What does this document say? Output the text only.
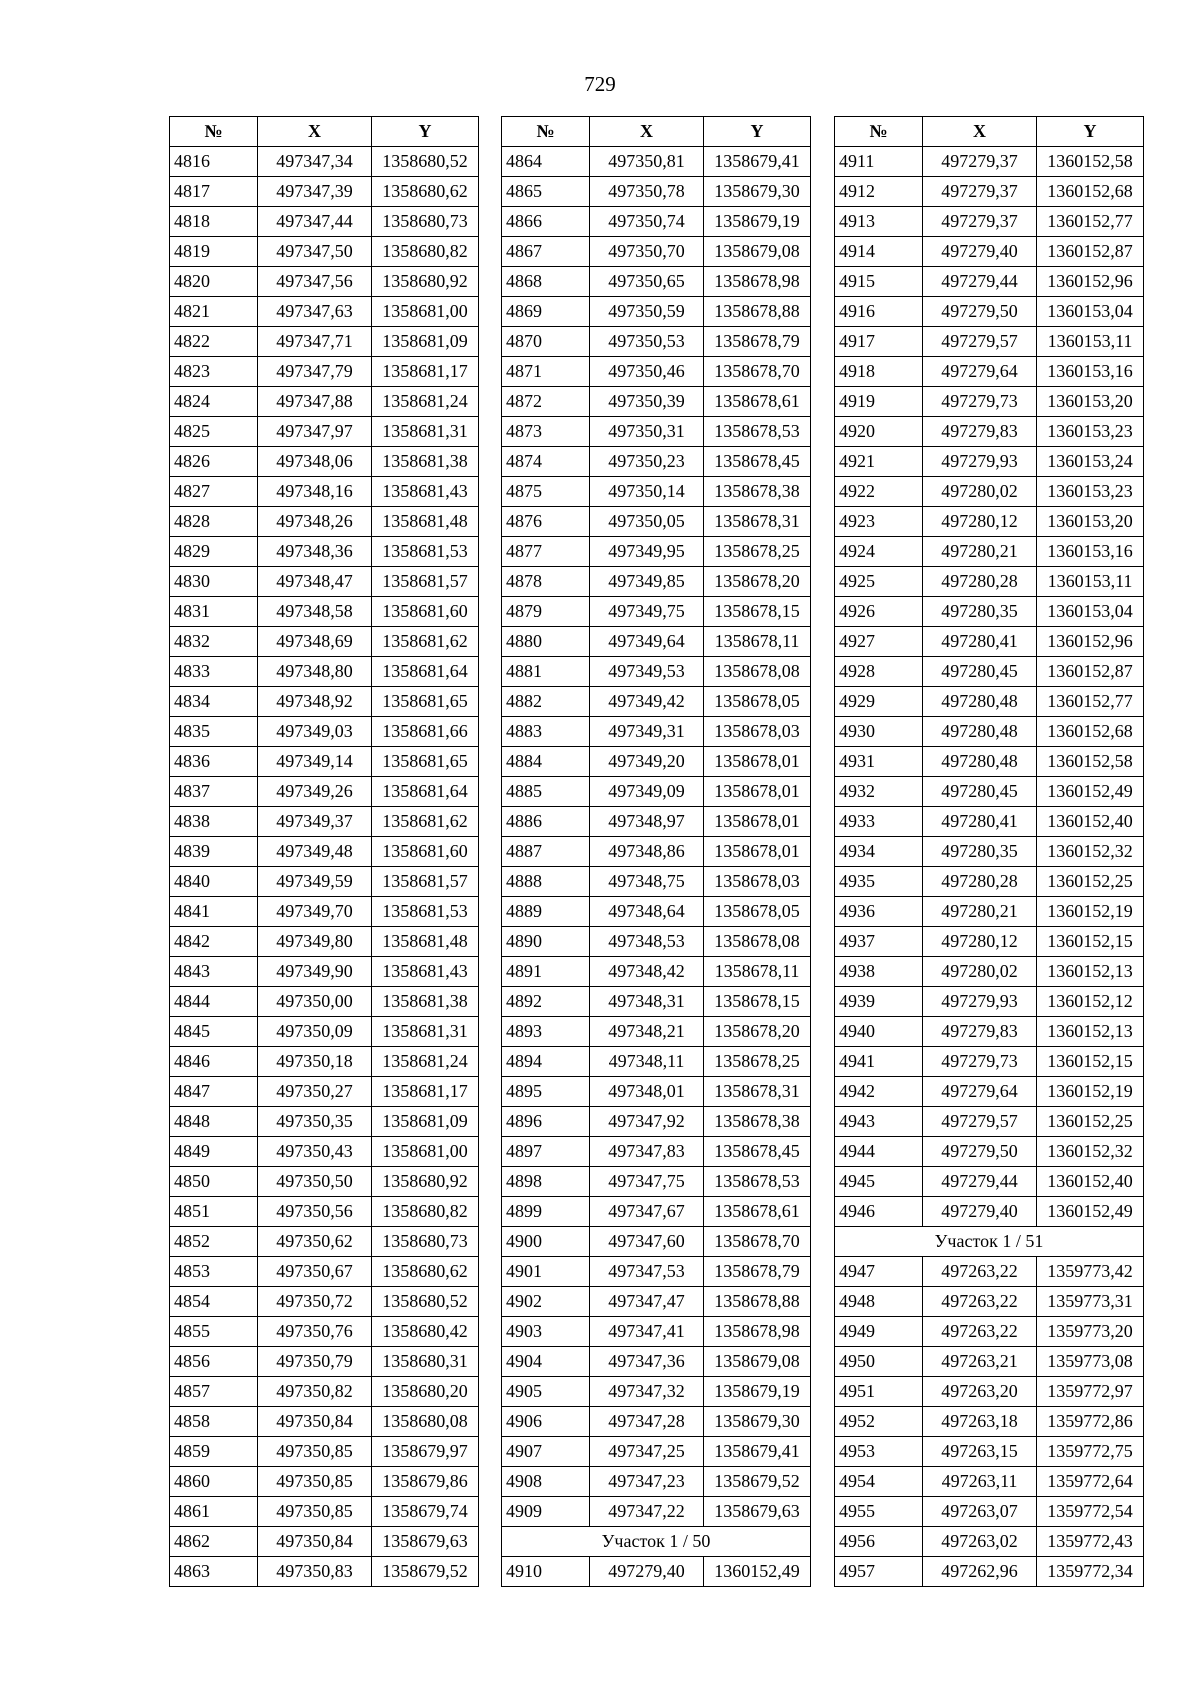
729
№	X	Y
4816	497347,34	1358680,52
4817	497347,39	1358680,62
4818	497347,44	1358680,73
4819	497347,50	1358680,82
4820	497347,56	1358680,92
4821	497347,63	1358681,00
4822	497347,71	1358681,09
4823	497347,79	1358681,17
4824	497347,88	1358681,24
4825	497347,97	1358681,31
4826	497348,06	1358681,38
4827	497348,16	1358681,43
4828	497348,26	1358681,48
4829	497348,36	1358681,53
4830	497348,47	1358681,57
4831	497348,58	1358681,60
4832	497348,69	1358681,62
4833	497348,80	1358681,64
4834	497348,92	1358681,65
4835	497349,03	1358681,66
4836	497349,14	1358681,65
4837	497349,26	1358681,64
4838	497349,37	1358681,62
4839	497349,48	1358681,60
4840	497349,59	1358681,57
4841	497349,70	1358681,53
4842	497349,80	1358681,48
4843	497349,90	1358681,43
4844	497350,00	1358681,38
4845	497350,09	1358681,31
4846	497350,18	1358681,24
4847	497350,27	1358681,17
4848	497350,35	1358681,09
4849	497350,43	1358681,00
4850	497350,50	1358680,92
4851	497350,56	1358680,82
4852	497350,62	1358680,73
4853	497350,67	1358680,62
4854	497350,72	1358680,52
4855	497350,76	1358680,42
4856	497350,79	1358680,31
4857	497350,82	1358680,20
4858	497350,84	1358680,08
4859	497350,85	1358679,97
4860	497350,85	1358679,86
4861	497350,85	1358679,74
4862	497350,84	1358679,63
4863	497350,83	1358679,52
№	X	Y
4864	497350,81	1358679,41
4865	497350,78	1358679,30
4866	497350,74	1358679,19
4867	497350,70	1358679,08
4868	497350,65	1358678,98
4869	497350,59	1358678,88
4870	497350,53	1358678,79
4871	497350,46	1358678,70
4872	497350,39	1358678,61
4873	497350,31	1358678,53
4874	497350,23	1358678,45
4875	497350,14	1358678,38
4876	497350,05	1358678,31
4877	497349,95	1358678,25
4878	497349,85	1358678,20
4879	497349,75	1358678,15
4880	497349,64	1358678,11
4881	497349,53	1358678,08
4882	497349,42	1358678,05
4883	497349,31	1358678,03
4884	497349,20	1358678,01
4885	497349,09	1358678,01
4886	497348,97	1358678,01
4887	497348,86	1358678,01
4888	497348,75	1358678,03
4889	497348,64	1358678,05
4890	497348,53	1358678,08
4891	497348,42	1358678,11
4892	497348,31	1358678,15
4893	497348,21	1358678,20
4894	497348,11	1358678,25
4895	497348,01	1358678,31
4896	497347,92	1358678,38
4897	497347,83	1358678,45
4898	497347,75	1358678,53
4899	497347,67	1358678,61
4900	497347,60	1358678,70
4901	497347,53	1358678,79
4902	497347,47	1358678,88
4903	497347,41	1358678,98
4904	497347,36	1358679,08
4905	497347,32	1358679,19
4906	497347,28	1358679,30
4907	497347,25	1358679,41
4908	497347,23	1358679,52
4909	497347,22	1358679,63
Участок 1 / 50		
4910	497279,40	1360152,49
№	X	Y
4911	497279,37	1360152,58
4912	497279,37	1360152,68
4913	497279,37	1360152,77
4914	497279,40	1360152,87
4915	497279,44	1360152,96
4916	497279,50	1360153,04
4917	497279,57	1360153,11
4918	497279,64	1360153,16
4919	497279,73	1360153,20
4920	497279,83	1360153,23
4921	497279,93	1360153,24
4922	497280,02	1360153,23
4923	497280,12	1360153,20
4924	497280,21	1360153,16
4925	497280,28	1360153,11
4926	497280,35	1360153,04
4927	497280,41	1360152,96
4928	497280,45	1360152,87
4929	497280,48	1360152,77
4930	497280,48	1360152,68
4931	497280,48	1360152,58
4932	497280,45	1360152,49
4933	497280,41	1360152,40
4934	497280,35	1360152,32
4935	497280,28	1360152,25
4936	497280,21	1360152,19
4937	497280,12	1360152,15
4938	497280,02	1360152,13
4939	497279,93	1360152,12
4940	497279,83	1360152,13
4941	497279,73	1360152,15
4942	497279,64	1360152,19
4943	497279,57	1360152,25
4944	497279,50	1360152,32
4945	497279,44	1360152,40
4946	497279,40	1360152,49
Участок 1 / 51		
4947	497263,22	1359773,42
4948	497263,22	1359773,31
4949	497263,22	1359773,20
4950	497263,21	1359773,08
4951	497263,20	1359772,97
4952	497263,18	1359772,86
4953	497263,15	1359772,75
4954	497263,11	1359772,64
4955	497263,07	1359772,54
4956	497263,02	1359772,43
4957	497262,96	1359772,34
